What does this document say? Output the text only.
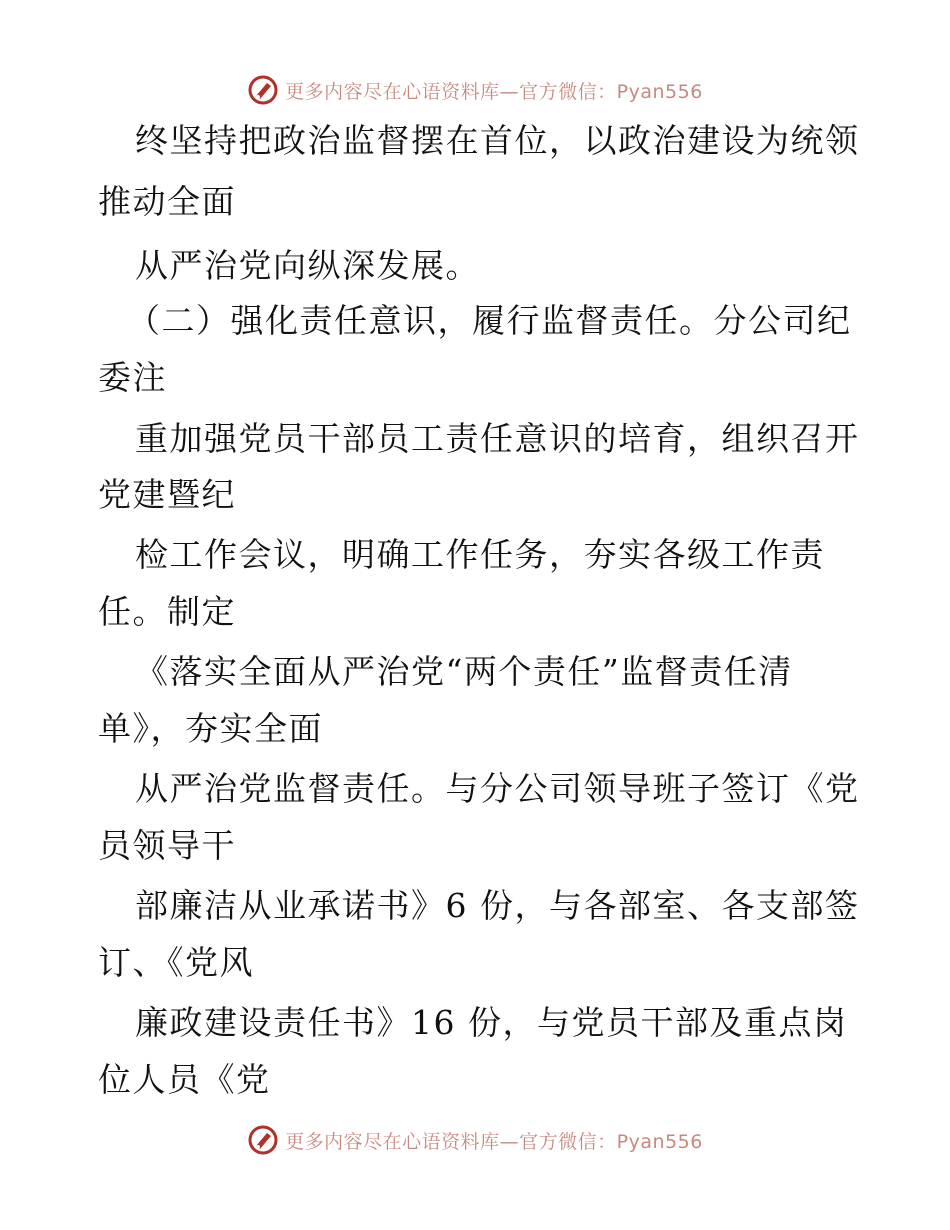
更多内容尽在心语资料库—官方微信：Pyan556
终坚持把政治监督摆在首位，以政治建设为统领
推动全面
从严治党向纵深发展。
（二）强化责任意识，履行监督责任。分公司纪
委注
重加强党员干部员工责任意识的培育，组织召开
党建暨纪
检工作会议，明确工作任务，夯实各级工作责
任。制定
《落实全面从严治党“两个责任”监督责任清
单》，夯实全面
从严治党监督责任。与分公司领导班子签订《党
员领导干
部廉洁从业承诺书》6 份，与各部室、各支部签
订、《党风
廉政建设责任书》16 份，与党员干部及重点岗
位人员《党
更多内容尽在心语资料库—官方微信：Pyan556
